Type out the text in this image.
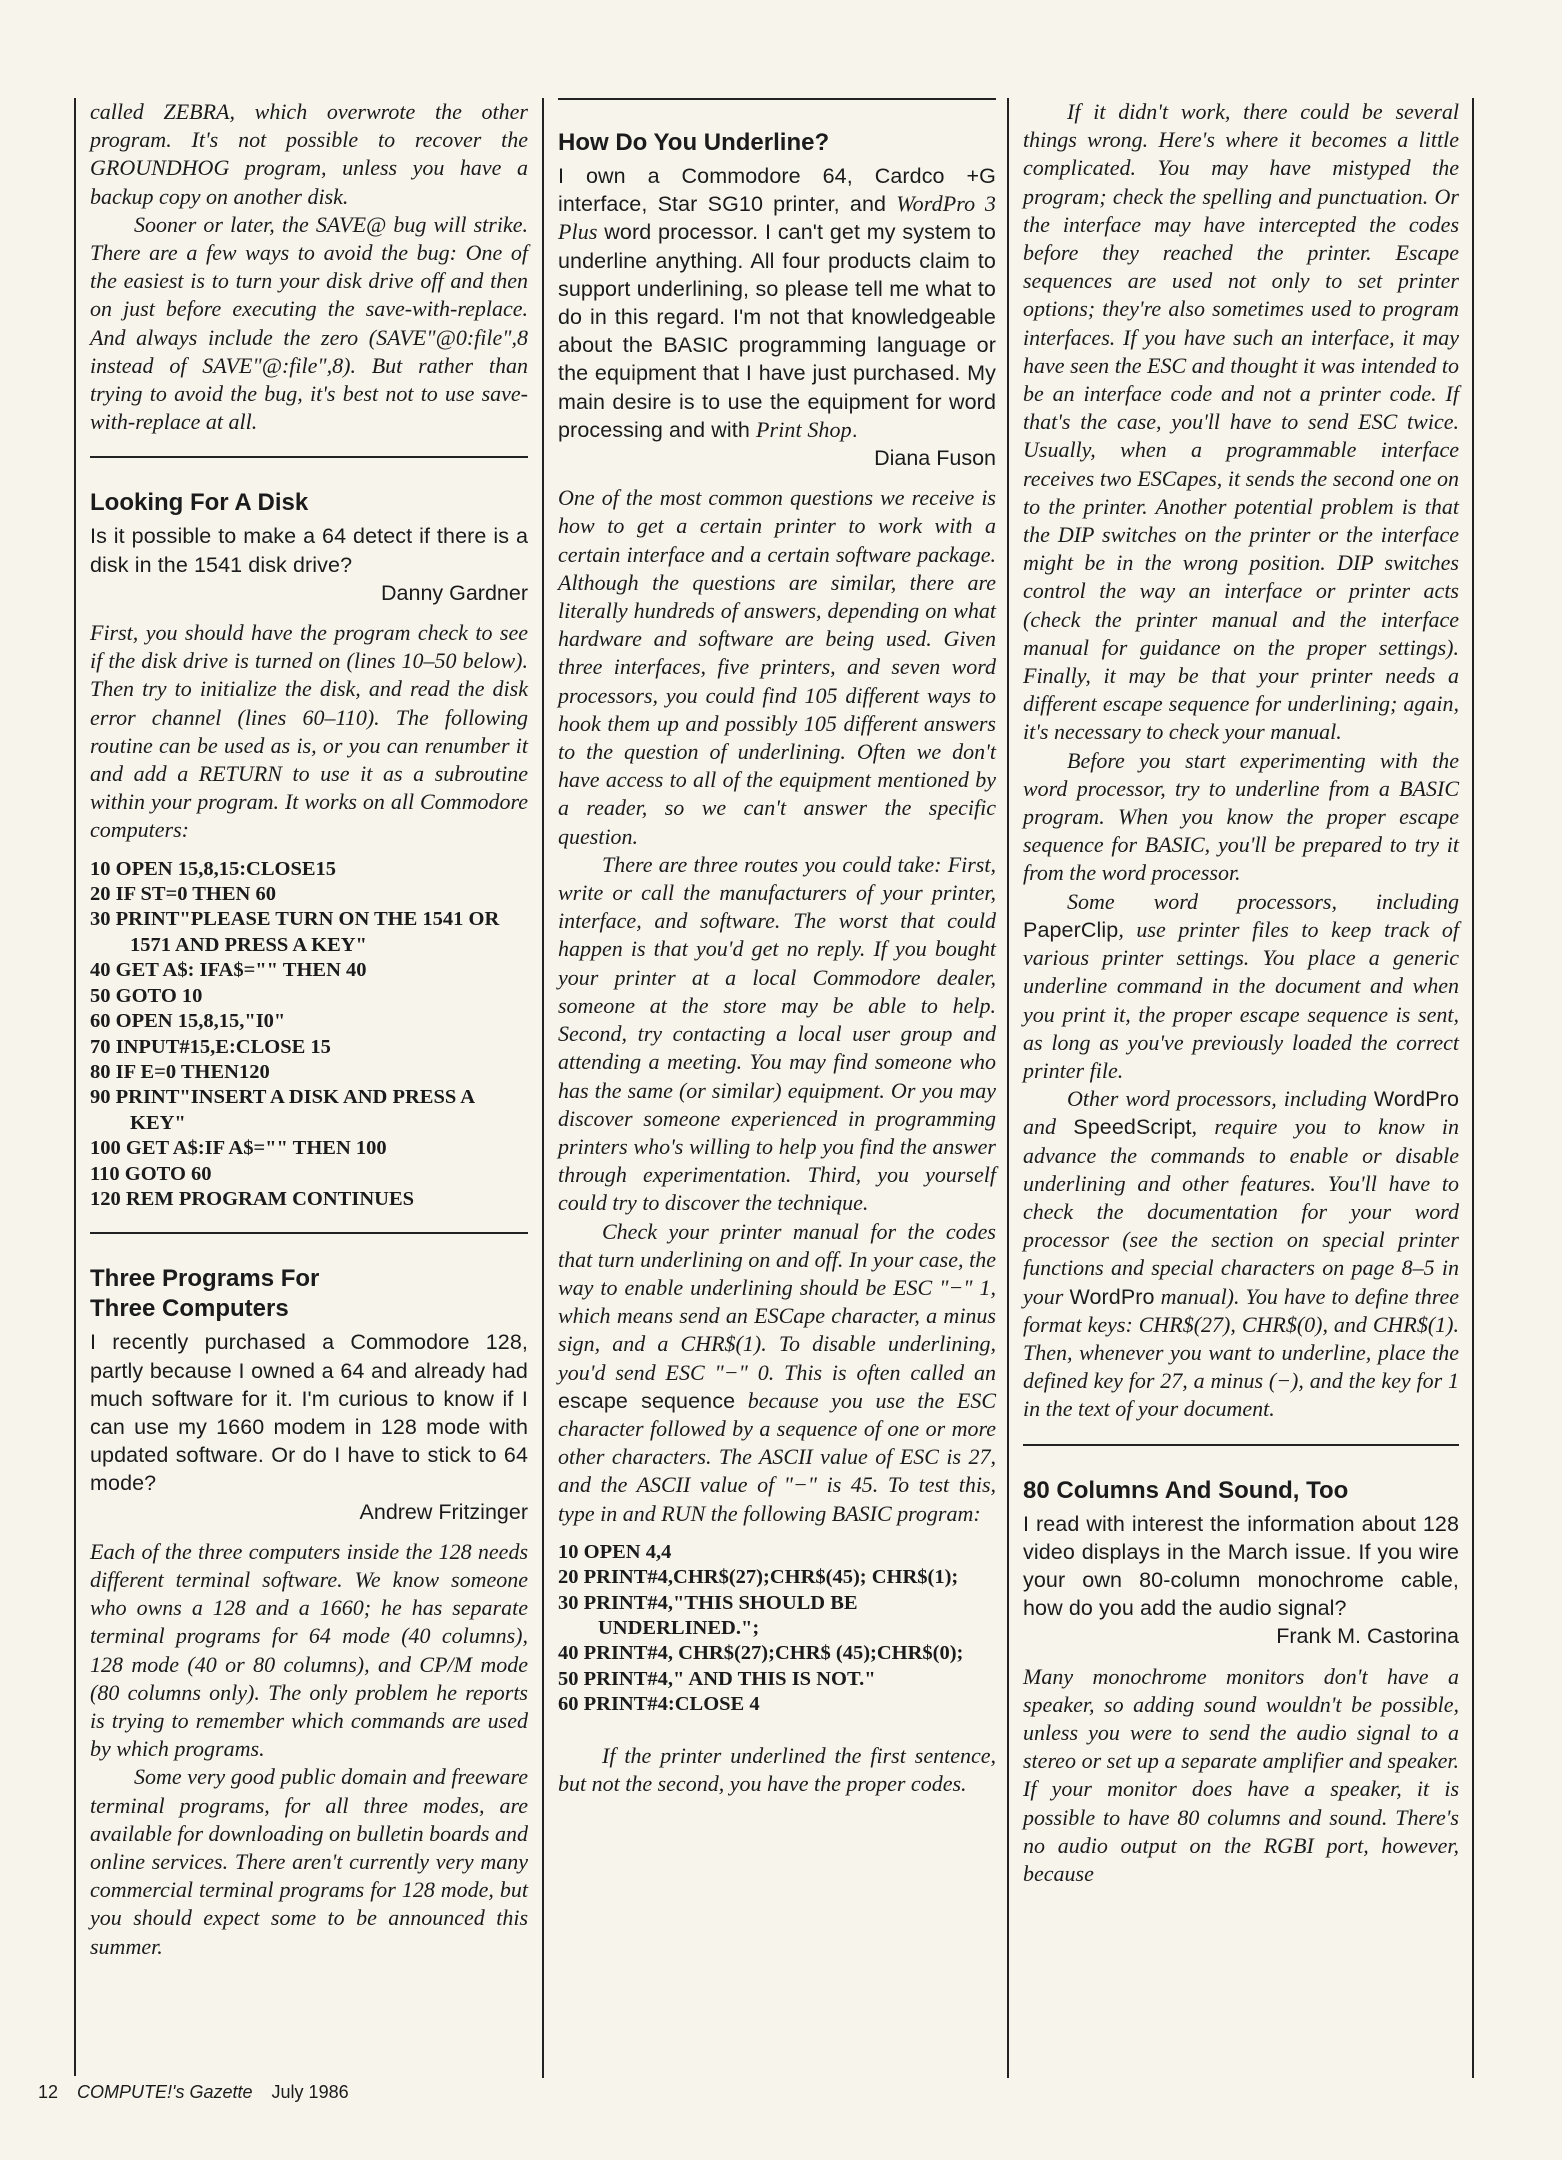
called ZEBRA, which overwrote the other program. It's not possible to recover the GROUNDHOG program, unless you have a backup copy on another disk.

Sooner or later, the SAVE@ bug will strike. There are a few ways to avoid the bug: One of the easiest is to turn your disk drive off and then on just before executing the save-with-replace. And always include the zero (SAVE"@0:file",8 instead of SAVE"@:file",8). But rather than trying to avoid the bug, it's best not to use save-with-replace at all.

Looking For A Disk

Is it possible to make a 64 detect if there is a disk in the 1541 disk drive?

Danny Gardner

First, you should have the program check to see if the disk drive is turned on (lines 10–50 below). Then try to initialize the disk, and read the disk error channel (lines 60–110). The following routine can be used as is, or you can renumber it and add a RETURN to use it as a subroutine within your program. It works on all Commodore computers:

10 OPEN 15,8,15:CLOSE15
20 IF ST=0 THEN 60
30 PRINT"PLEASE TURN ON THE 1541 OR 1571 AND PRESS A KEY"
40 GET A$: IFA$="" THEN 40
50 GOTO 10
60 OPEN 15,8,15,"I0"
70 INPUT#15,E:CLOSE 15
80 IF E=0 THEN120
90 PRINT"INSERT A DISK AND PRESS A KEY"
100 GET A$:IF A$="" THEN 100
110 GOTO 60
120 REM PROGRAM CONTINUES
Three Programs For
Three Computers

I recently purchased a Commodore 128, partly because I owned a 64 and already had much software for it. I'm curious to know if I can use my 1660 modem in 128 mode with updated software. Or do I have to stick to 64 mode?

Andrew Fritzinger

Each of the three computers inside the 128 needs different terminal software. We know someone who owns a 128 and a 1660; he has separate terminal programs for 64 mode (40 columns), 128 mode (40 or 80 columns), and CP/M mode (80 columns only). The only problem he reports is trying to remember which commands are used by which programs.

Some very good public domain and freeware terminal programs, for all three modes, are available for downloading on bulletin boards and online services. There aren't currently very many commercial terminal programs for 128 mode, but you should expect some to be announced this summer.

How Do You Underline?

I own a Commodore 64, Cardco +G interface, Star SG10 printer, and WordPro 3 Plus word processor. I can't get my system to underline anything. All four products claim to support underlining, so please tell me what to do in this regard. I'm not that knowledgeable about the BASIC programming language or the equipment that I have just purchased. My main desire is to use the equipment for word processing and with Print Shop.

Diana Fuson

One of the most common questions we receive is how to get a certain printer to work with a certain interface and a certain software package. Although the questions are similar, there are literally hundreds of answers, depending on what hardware and software are being used. Given three interfaces, five printers, and seven word processors, you could find 105 different ways to hook them up and possibly 105 different answers to the question of underlining. Often we don't have access to all of the equipment mentioned by a reader, so we can't answer the specific question.

There are three routes you could take: First, write or call the manufacturers of your printer, interface, and software. The worst that could happen is that you'd get no reply. If you bought your printer at a local Commodore dealer, someone at the store may be able to help. Second, try contacting a local user group and attending a meeting. You may find someone who has the same (or similar) equipment. Or you may discover someone experienced in programming printers who's willing to help you find the answer through experimentation. Third, you yourself could try to discover the technique.

Check your printer manual for the codes that turn underlining on and off. In your case, the way to enable underlining should be ESC "−" 1, which means send an ESCape character, a minus sign, and a CHR$(1). To disable underlining, you'd send ESC "−" 0. This is often called an escape sequence because you use the ESC character followed by a sequence of one or more other characters. The ASCII value of ESC is 27, and the ASCII value of "−" is 45. To test this, type in and RUN the following BASIC program:

10 OPEN 4,4
20 PRINT#4,CHR$(27);CHR$(45); CHR$(1);
30 PRINT#4,"THIS SHOULD BE UNDERLINED.";
40 PRINT#4, CHR$(27);CHR$ (45);CHR$(0);
50 PRINT#4," AND THIS IS NOT."
60 PRINT#4:CLOSE 4

If the printer underlined the first sentence, but not the second, you have the proper codes.

If it didn't work, there could be several things wrong. Here's where it becomes a little complicated. You may have mistyped the program; check the spelling and punctuation. Or the interface may have intercepted the codes before they reached the printer. Escape sequences are used not only to set printer options; they're also sometimes used to program interfaces. If you have such an interface, it may have seen the ESC and thought it was intended to be an interface code and not a printer code. If that's the case, you'll have to send ESC twice. Usually, when a programmable interface receives two ESCapes, it sends the second one on to the printer. Another potential problem is that the DIP switches on the printer or the interface might be in the wrong position. DIP switches control the way an interface or printer acts (check the printer manual and the interface manual for guidance on the proper settings). Finally, it may be that your printer needs a different escape sequence for underlining; again, it's necessary to check your manual.

Before you start experimenting with the word processor, try to underline from a BASIC program. When you know the proper escape sequence for BASIC, you'll be prepared to try it from the word processor.

Some word processors, including PaperClip, use printer files to keep track of various printer settings. You place a generic underline command in the document and when you print it, the proper escape sequence is sent, as long as you've previously loaded the correct printer file.

Other word processors, including WordPro and SpeedScript, require you to know in advance the commands to enable or disable underlining and other features. You'll have to check the documentation for your word processor (see the section on special printer functions and special characters on page 8–5 in your WordPro manual). You have to define three format keys: CHR$(27), CHR$(0), and CHR$(1). Then, whenever you want to underline, place the defined key for 27, a minus (−), and the key for 1 in the text of your document.

80 Columns And Sound, Too

I read with interest the information about 128 video displays in the March issue. If you wire your own 80-column monochrome cable, how do you add the audio signal?

Frank M. Castorina

Many monochrome monitors don't have a speaker, so adding sound wouldn't be possible, unless you were to send the audio signal to a stereo or set up a separate amplifier and speaker. If your monitor does have a speaker, it is possible to have 80 columns and sound. There's no audio output on the RGBI port, however, because

12 COMPUTE!'s Gazette July 1986
